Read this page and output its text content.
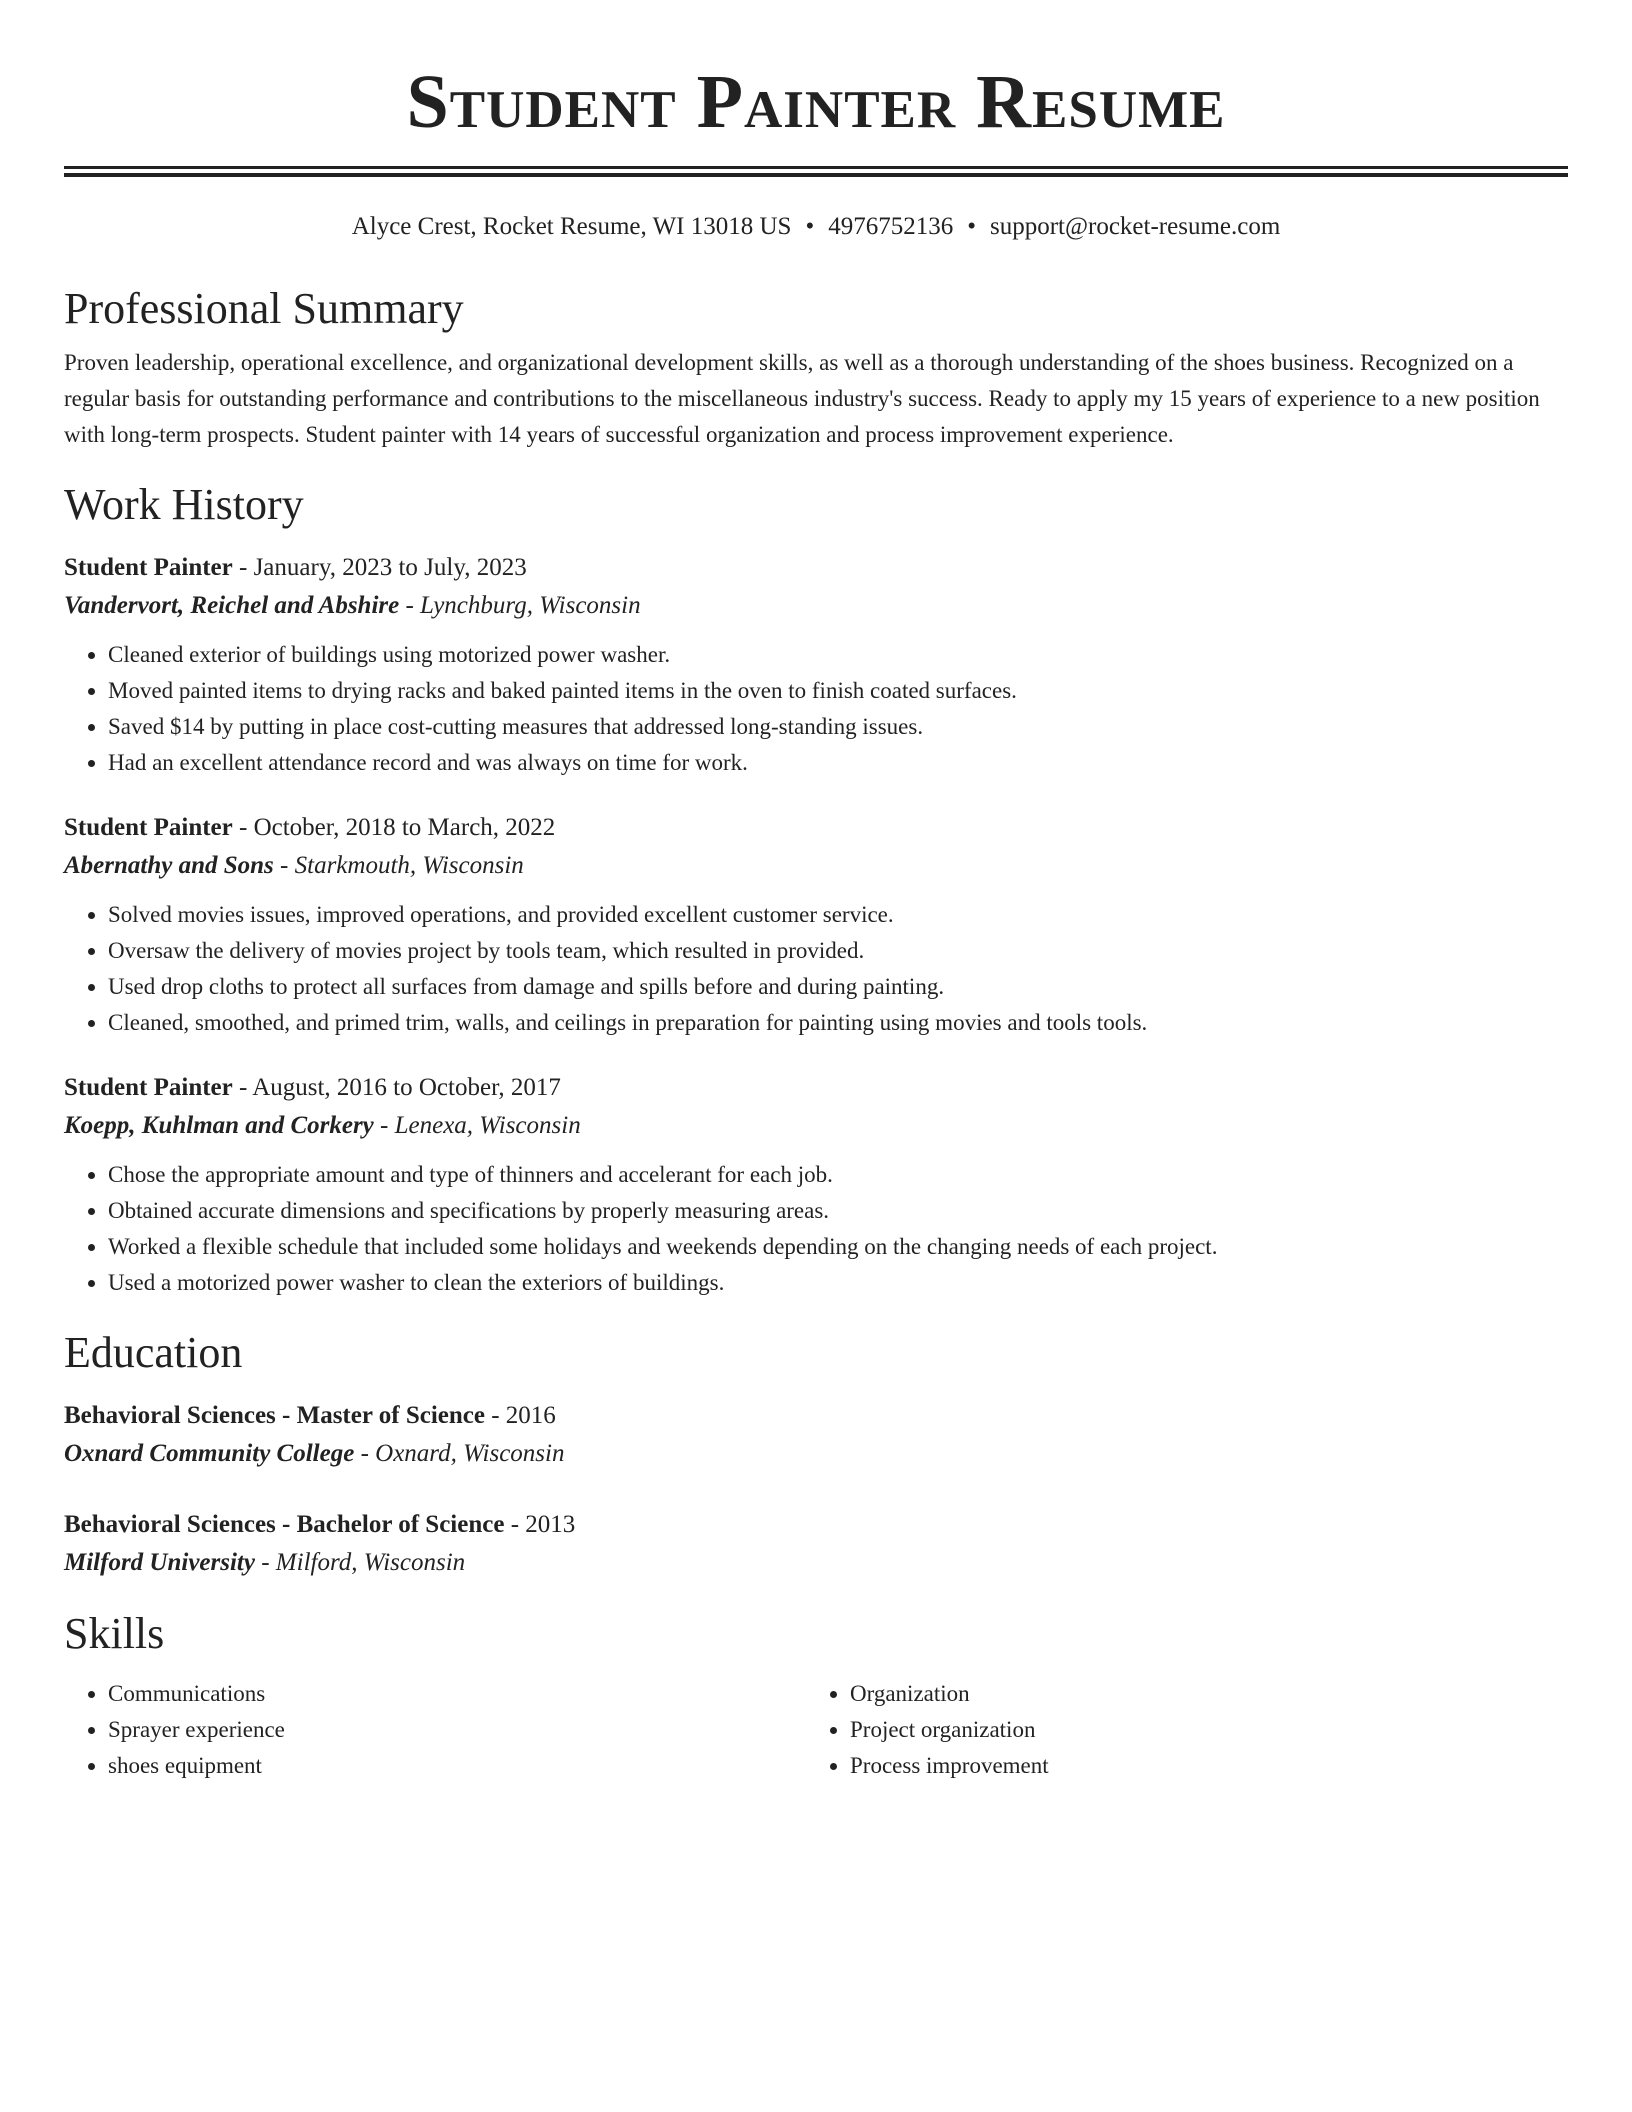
Student Painter Resume
Alyce Crest, Rocket Resume, WI 13018 US • 4976752136 • support@rocket-resume.com
Professional Summary

Proven leadership, operational excellence, and organizational development skills, as well as a thorough understanding of the shoes business. Recognized on a regular basis for outstanding performance and contributions to the miscellaneous industry's success. Ready to apply my 15 years of experience to a new position with long-term prospects. Student painter with 14 years of successful organization and process improvement experience.

Work History
Student Painter - January, 2023 to July, 2023
Vandervort, Reichel and Abshire - Lynchburg, Wisconsin
• Cleaned exterior of buildings using motorized power washer.
• Moved painted items to drying racks and baked painted items in the oven to finish coated surfaces.
• Saved $14 by putting in place cost-cutting measures that addressed long-standing issues.
• Had an excellent attendance record and was always on time for work.
Student Painter - October, 2018 to March, 2022
Abernathy and Sons - Starkmouth, Wisconsin
• Solved movies issues, improved operations, and provided excellent customer service.
• Oversaw the delivery of movies project by tools team, which resulted in provided.
• Used drop cloths to protect all surfaces from damage and spills before and during painting.
• Cleaned, smoothed, and primed trim, walls, and ceilings in preparation for painting using movies and tools tools.
Student Painter - August, 2016 to October, 2017
Koepp, Kuhlman and Corkery - Lenexa, Wisconsin
• Chose the appropriate amount and type of thinners and accelerant for each job.
• Obtained accurate dimensions and specifications by properly measuring areas.
• Worked a flexible schedule that included some holidays and weekends depending on the changing needs of each project.
• Used a motorized power washer to clean the exteriors of buildings.
Education
Behavioral Sciences - Master of Science - 2016
Oxnard Community College - Oxnard, Wisconsin
Behavioral Sciences - Bachelor of Science - 2013
Milford University - Milford, Wisconsin
Skills
• Communications
• Sprayer experience
• shoes equipment
• Organization
• Project organization
• Process improvement
